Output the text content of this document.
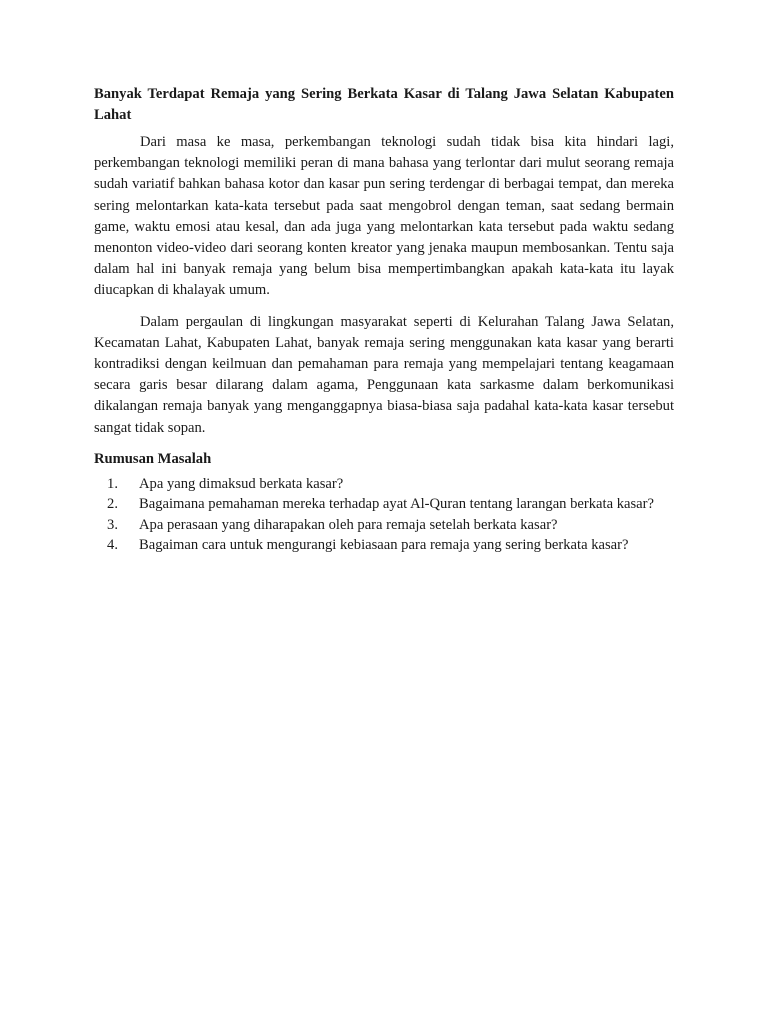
Banyak Terdapat Remaja yang Sering Berkata Kasar di Talang Jawa Selatan Kabupaten Lahat

Dari masa ke masa, perkembangan teknologi sudah tidak bisa kita hindari lagi, perkembangan teknologi memiliki peran di mana bahasa yang terlontar dari mulut seorang remaja sudah variatif bahkan bahasa kotor dan kasar pun sering terdengar di berbagai tempat, dan mereka sering melontarkan kata-kata tersebut pada saat mengobrol dengan teman, saat sedang bermain game, waktu emosi atau kesal, dan ada juga yang melontarkan kata tersebut pada waktu sedang menonton video-video dari seorang konten kreator yang jenaka maupun membosankan. Tentu saja dalam hal ini banyak remaja yang belum bisa mempertimbangkan apakah kata-kata itu layak diucapkan di khalayak umum.

Dalam pergaulan di lingkungan masyarakat seperti di Kelurahan Talang Jawa Selatan, Kecamatan Lahat, Kabupaten Lahat, banyak remaja sering menggunakan kata kasar yang berarti kontradiksi dengan keilmuan dan pemahaman para remaja yang mempelajari tentang keagamaan secara garis besar dilarang dalam agama, Penggunaan kata sarkasme dalam berkomunikasi dikalangan remaja banyak yang menganggapnya biasa-biasa saja padahal kata-kata kasar tersebut sangat tidak sopan.

Rumusan Masalah
1.	Apa yang dimaksud berkata kasar?
2.	Bagaimana pemahaman mereka terhadap ayat Al-Quran tentang larangan berkata kasar?
3.	Apa perasaan yang diharapakan oleh para remaja setelah berkata kasar?
4.	Bagaiman cara untuk mengurangi kebiasaan para remaja yang sering berkata kasar?
